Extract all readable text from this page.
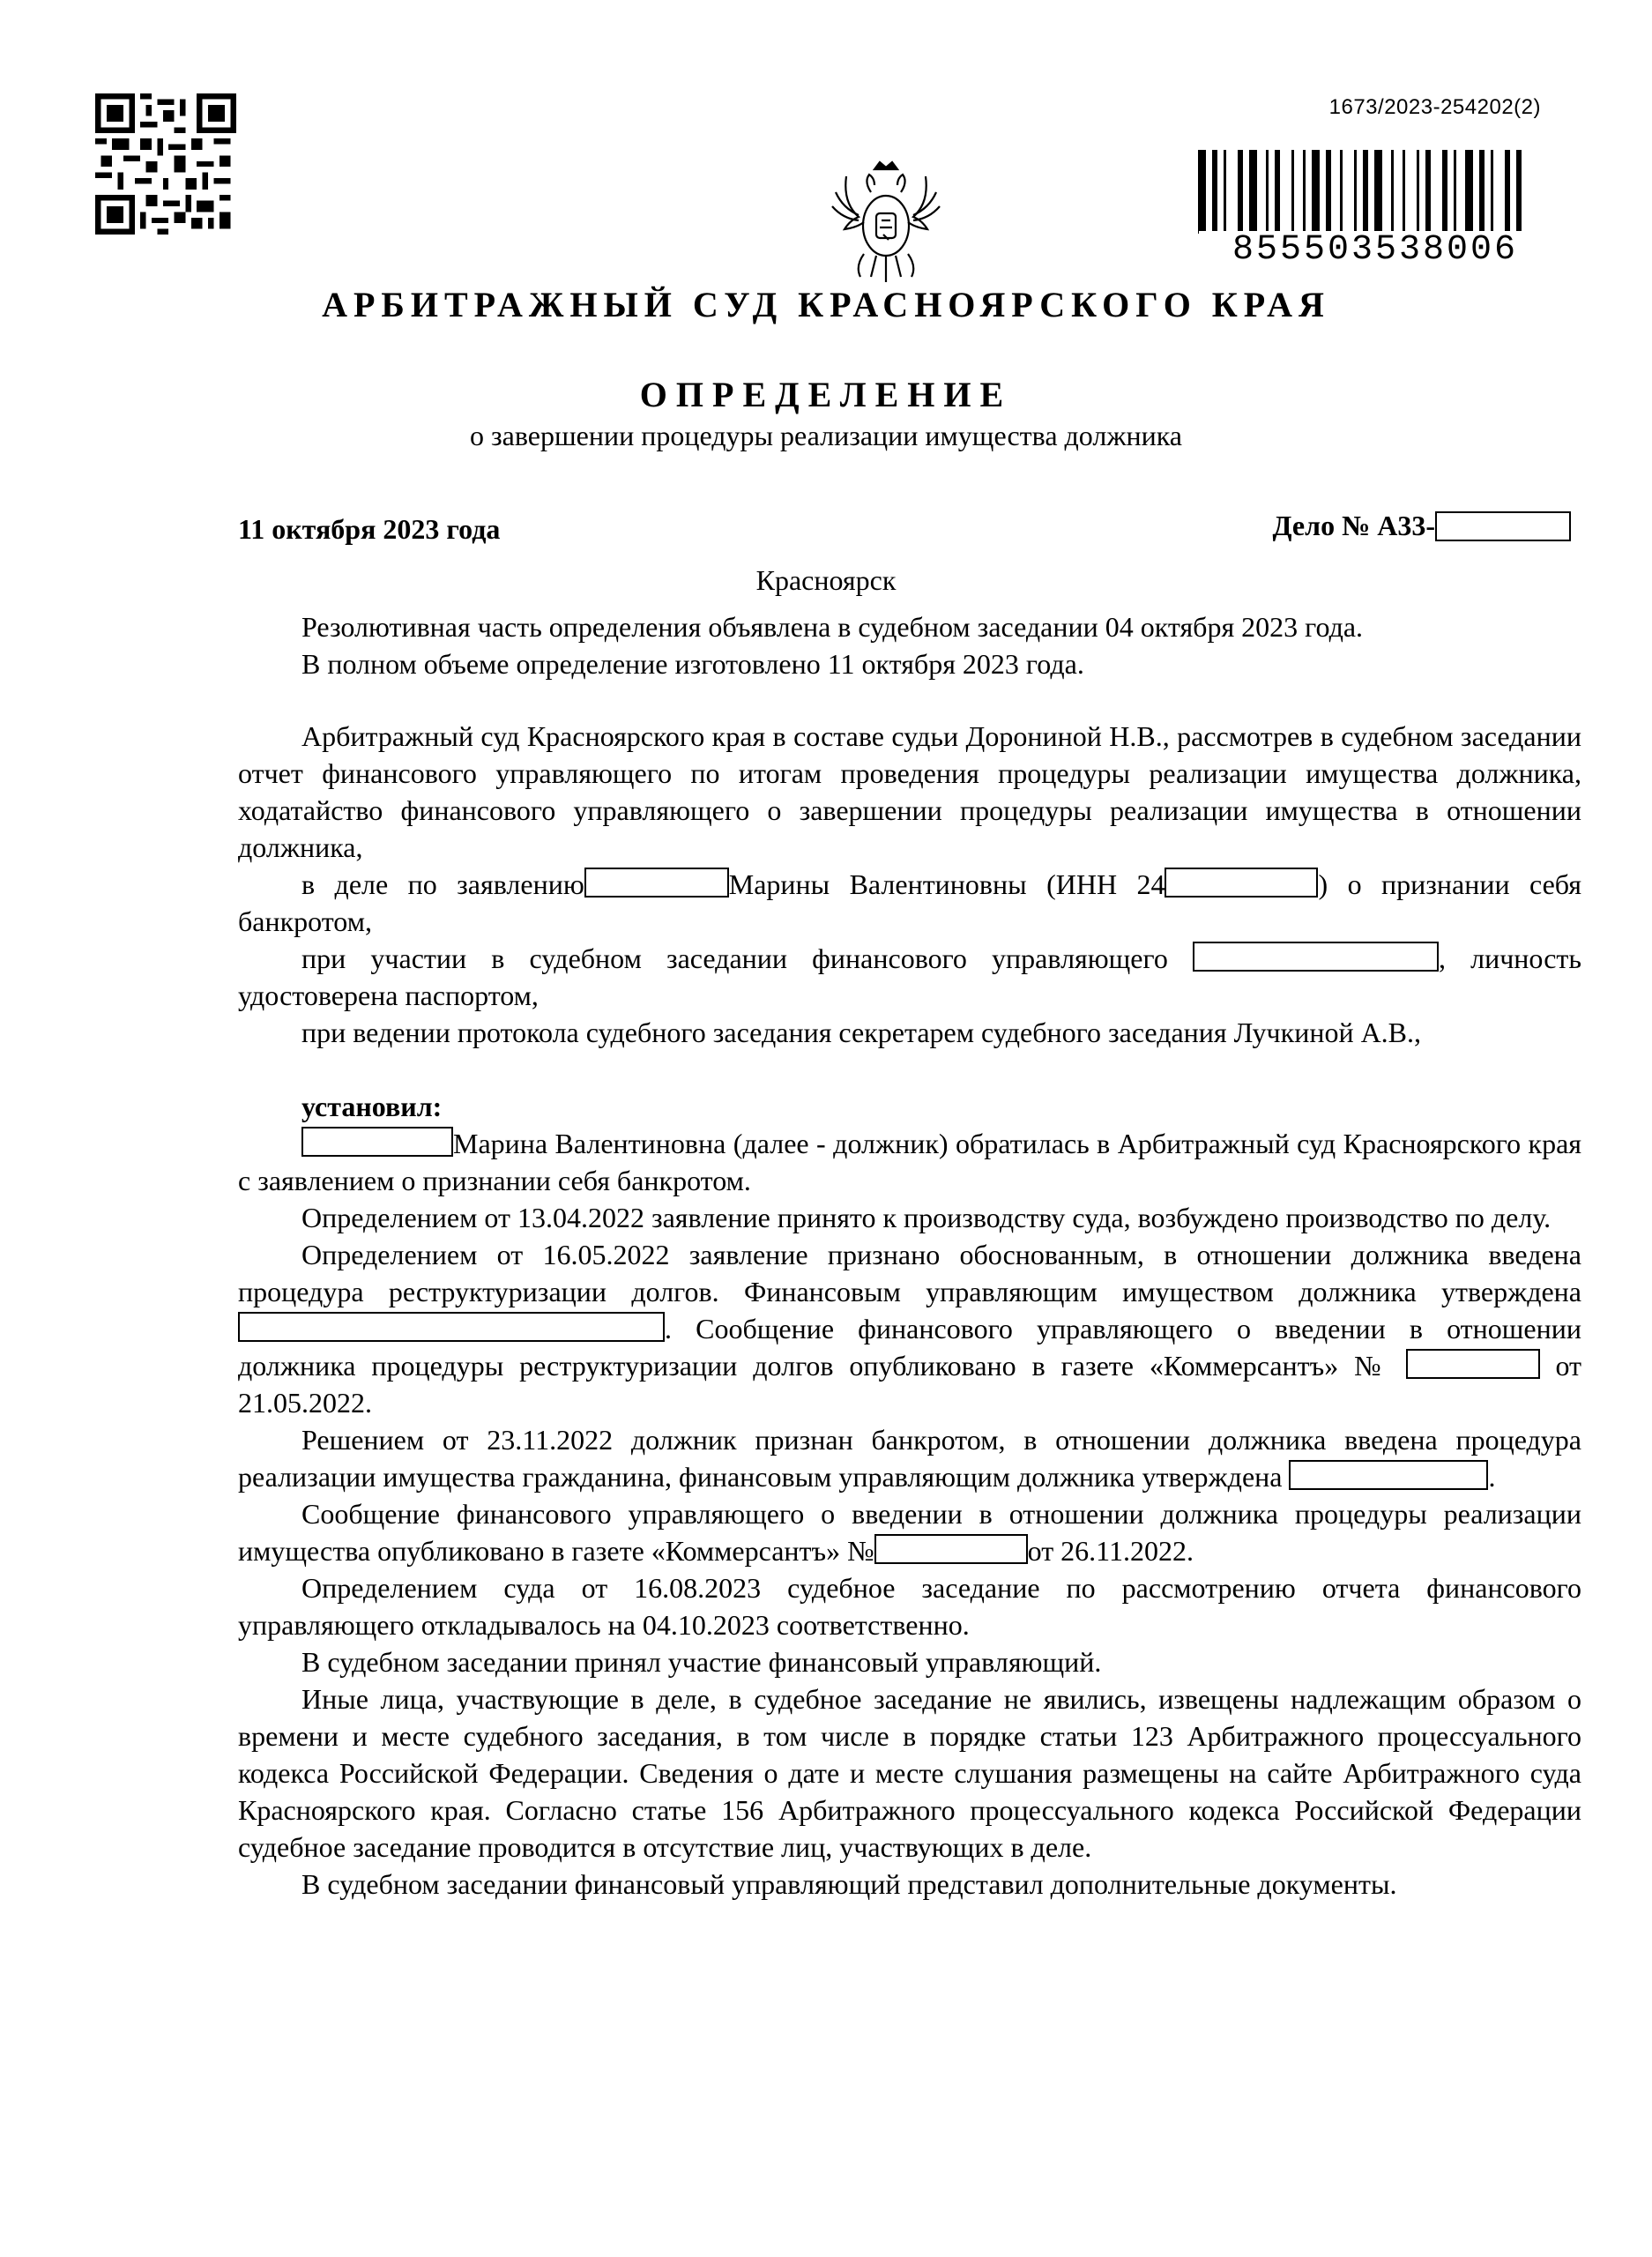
1673/2023-254202(2)
855503538006
АРБИТРАЖНЫЙ СУД КРАСНОЯРСКОГО КРАЯ
ОПРЕДЕЛЕНИЕ
о завершении процедуры реализации имущества должника
11 октября 2023 года	Дело № А33-
Красноярск

Резолютивная часть определения объявлена в судебном заседании 04 октября 2023 года.

В полном объеме определение изготовлено 11 октября 2023 года.

Арбитражный суд Красноярского края в составе судьи Дорониной Н.В., рассмотрев в судебном заседании отчет финансового управляющего по итогам проведения процедуры реализации имущества должника, ходатайство финансового управляющего о завершении процедуры реализации имущества в отношении должника,

в деле по заявлению	Марины Валентиновны (ИНН 24	) о признании себя банкротом,

при участии в судебном заседании финансового управляющего	, личность удостоверена паспортом,

при ведении протокола судебного заседания секретарем судебного заседания Лучкиной А.В.,

установил:

Марина Валентиновна (далее - должник) обратилась в Арбитражный суд Красноярского края с заявлением о признании себя банкротом.

Определением от 13.04.2022 заявление принято к производству суда, возбуждено производство по делу.

Определением от 16.05.2022 заявление признано обоснованным, в отношении должника введена процедура реструктуризации долгов. Финансовым управляющим имуществом должника утверждена . Сообщение финансового управляющего о введении в отношении должника процедуры реструктуризации долгов опубликовано в газете «Коммерсантъ» №	от 21.05.2022.

Решением от 23.11.2022 должник признан банкротом, в отношении должника введена процедура реализации имущества гражданина, финансовым управляющим должника утверждена	.

Сообщение финансового управляющего о введении в отношении должника процедуры реализации имущества опубликовано в газете «Коммерсантъ» №	от 26.11.2022.

Определением суда от 16.08.2023 судебное заседание по рассмотрению отчета финансового управляющего откладывалось на 04.10.2023 соответственно.

В судебном заседании принял участие финансовый управляющий.

Иные лица, участвующие в деле, в судебное заседание не явились, извещены надлежащим образом о времени и месте судебного заседания, в том числе в порядке статьи 123 Арбитражного процессуального кодекса Российской Федерации. Сведения о дате и месте слушания размещены на сайте Арбитражного суда Красноярского края. Согласно статье 156 Арбитражного процессуального кодекса Российской Федерации судебное заседание проводится в отсутствие лиц, участвующих в деле.

В судебном заседании финансовый управляющий представил дополнительные документы.
